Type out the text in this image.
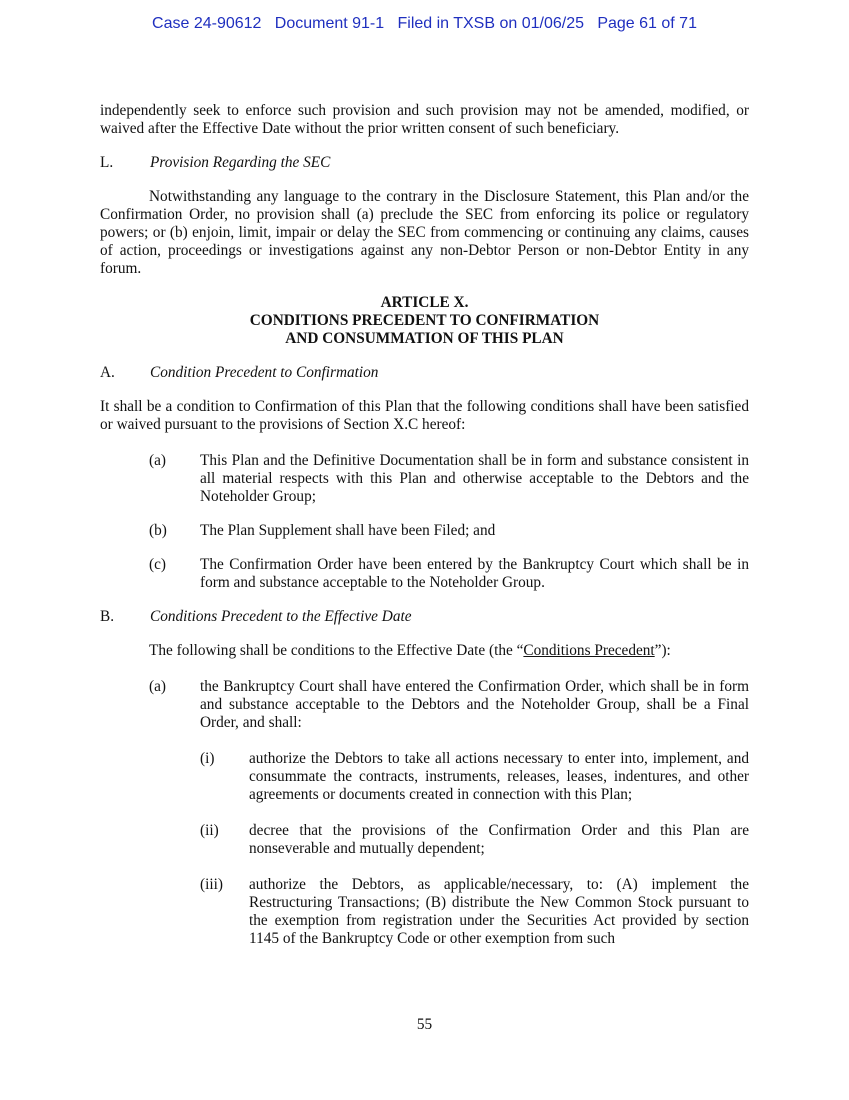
Case 24-90612   Document 91-1   Filed in TXSB on 01/06/25   Page 61 of 71

independently seek to enforce such provision and such provision may not be amended, modified, or waived after the Effective Date without the prior written consent of such beneficiary.

L.	Provision Regarding the SEC

Notwithstanding any language to the contrary in the Disclosure Statement, this Plan and/or the Confirmation Order, no provision shall (a) preclude the SEC from enforcing its police or regulatory powers; or (b) enjoin, limit, impair or delay the SEC from commencing or continuing any claims, causes of action, proceedings or investigations against any non-Debtor Person or non-Debtor Entity in any forum.

ARTICLE X.
CONDITIONS PRECEDENT TO CONFIRMATION
AND CONSUMMATION OF THIS PLAN
A.	Condition Precedent to Confirmation

It shall be a condition to Confirmation of this Plan that the following conditions shall have been satisfied or waived pursuant to the provisions of Section X.C hereof:

(a)	This Plan and the Definitive Documentation shall be in form and substance consistent in all material respects with this Plan and otherwise acceptable to the Debtors and the Noteholder Group;
(b)	The Plan Supplement shall have been Filed; and
(c)	The Confirmation Order have been entered by the Bankruptcy Court which shall be in form and substance acceptable to the Noteholder Group.
B.	Conditions Precedent to the Effective Date

The following shall be conditions to the Effective Date (the “Conditions Precedent”):

(a)	the Bankruptcy Court shall have entered the Confirmation Order, which shall be in form and substance acceptable to the Debtors and the Noteholder Group, shall be a Final Order, and shall:
(i)	authorize the Debtors to take all actions necessary to enter into, implement, and consummate the contracts, instruments, releases, leases, indentures, and other agreements or documents created in connection with this Plan;
(ii)	decree that the provisions of the Confirmation Order and this Plan are nonseverable and mutually dependent;
(iii)	authorize the Debtors, as applicable/necessary, to: (A) implement the Restructuring Transactions; (B) distribute the New Common Stock pursuant to the exemption from registration under the Securities Act provided by section 1145 of the Bankruptcy Code or other exemption from such
55
